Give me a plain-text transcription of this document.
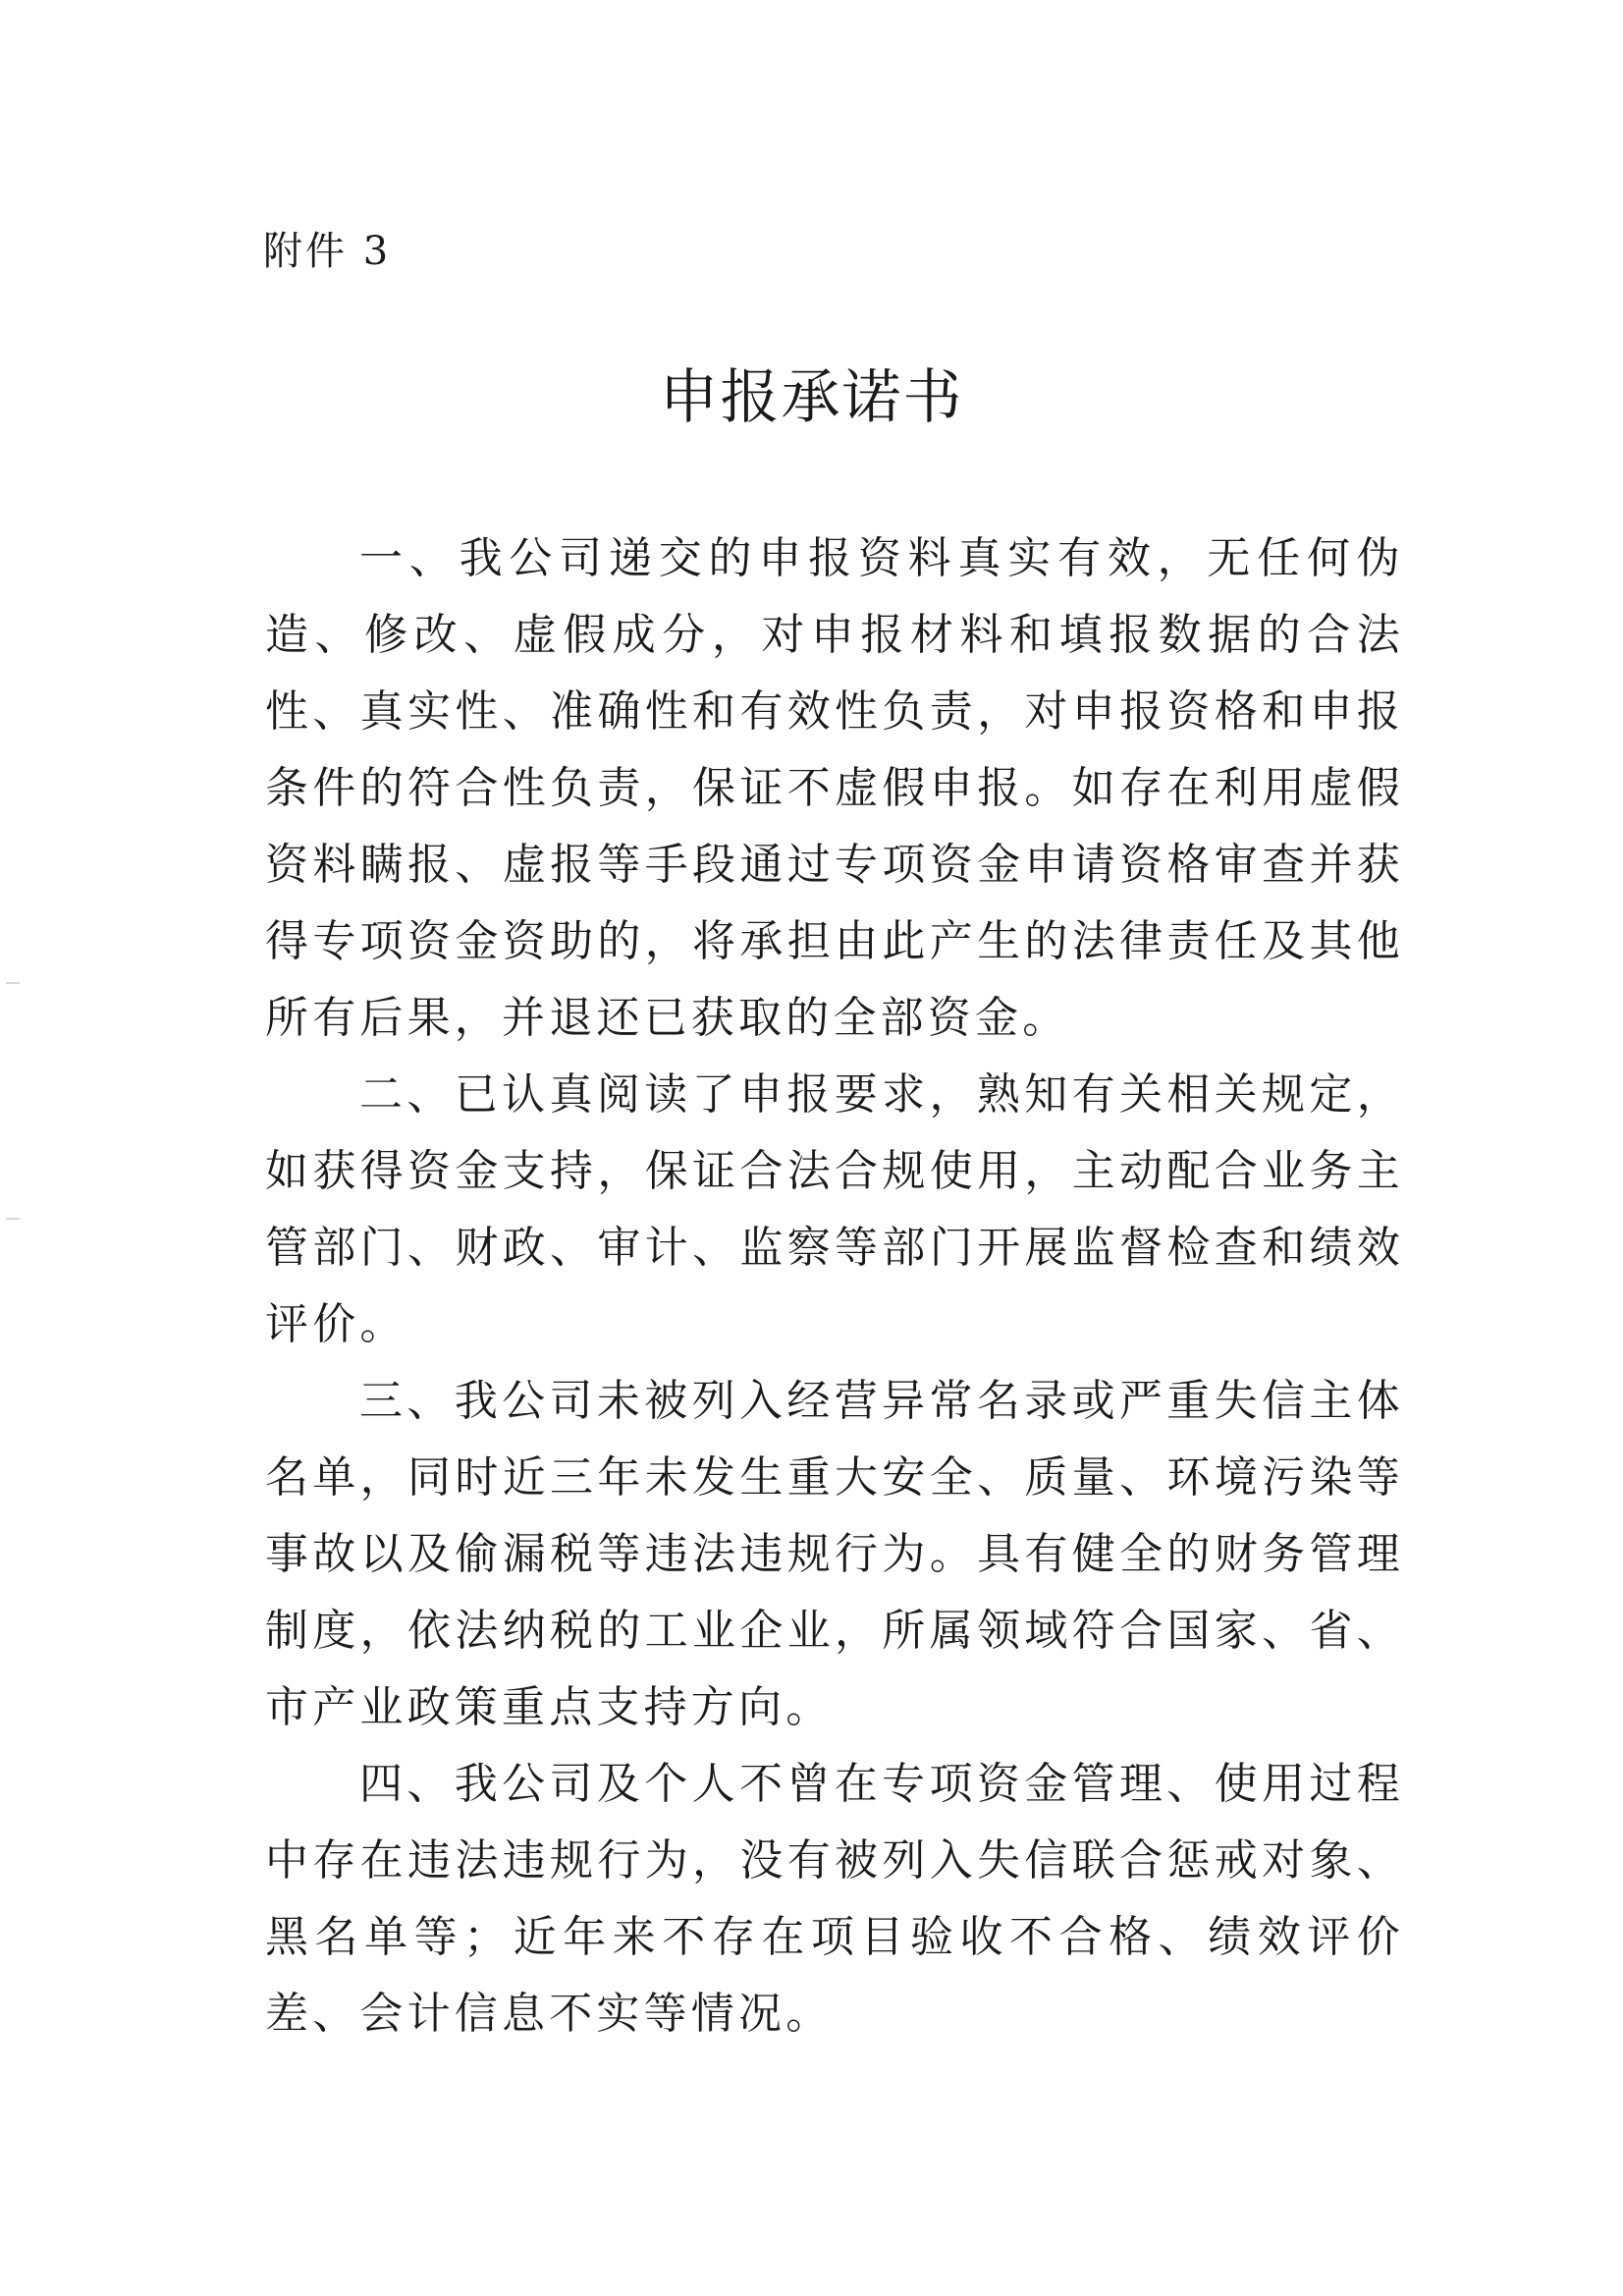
附件 3
申报承诺书

一、我公司递交的申报资料真实有效，无任何伪造、修改、虚假成分，对申报材料和填报数据的合法性、真实性、准确性和有效性负责，对申报资格和申报条件的符合性负责，保证不虚假申报。如存在利用虚假资料瞒报、虚报等手段通过专项资金申请资格审查并获得专项资金资助的，将承担由此产生的法律责任及其他所有后果，并退还已获取的全部资金。

二、已认真阅读了申报要求，熟知有关相关规定，如获得资金支持，保证合法合规使用，主动配合业务主管部门、财政、审计、监察等部门开展监督检查和绩效评价。

三、我公司未被列入经营异常名录或严重失信主体名单，同时近三年未发生重大安全、质量、环境污染等事故以及偷漏税等违法违规行为。具有健全的财务管理制度，依法纳税的工业企业，所属领域符合国家、省、市产业政策重点支持方向。

四、我公司及个人不曾在专项资金管理、使用过程中存在违法违规行为，没有被列入失信联合惩戒对象、黑名单等；近年来不存在项目验收不合格、绩效评价差、会计信息不实等情况。
